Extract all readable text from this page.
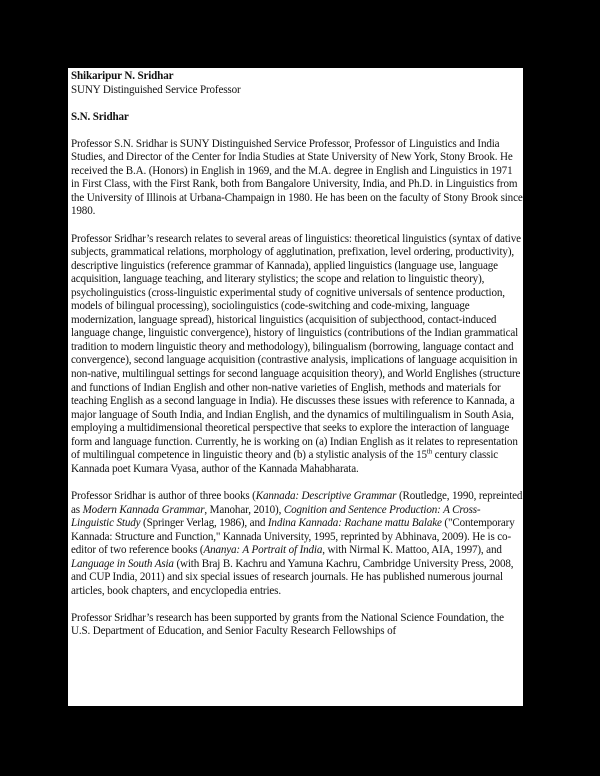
Shikaripur N. Sridhar

SUNY Distinguished Service Professor

S.N. Sridhar

Professor S.N. Sridhar is SUNY Distinguished Service Professor, Professor of Linguistics and India Studies, and Director of the Center for India Studies at State University of New York, Stony Brook. He received the B.A. (Honors) in English in 1969, and the M.A. degree in English and Linguistics in 1971 in First Class, with the First Rank, both from Bangalore University, India, and Ph.D. in Linguistics from the University of Illinois at Urbana-Champaign in 1980. He has been on the faculty of Stony Brook since 1980.

Professor Sridhar’s research relates to several areas of linguistics: theoretical linguistics (syntax of dative subjects, grammatical relations, morphology of agglutination, prefixation, level ordering, productivity), descriptive linguistics (reference grammar of Kannada), applied linguistics (language use, language acquisition, language teaching, and literary stylistics; the scope and relation to linguistic theory), psycholinguistics (cross-linguistic experimental study of cognitive universals of sentence production, models of bilingual processing), sociolinguistics (code-switching and code-mixing, language modernization, language spread), historical linguistics (acquisition of subjecthood, contact-induced language change, linguistic convergence), history of linguistics (contributions of the Indian grammatical tradition to modern linguistic theory and methodology), bilingualism (borrowing, language contact and convergence), second language acquisition (contrastive analysis, implications of language acquisition in non-native, multilingual settings for second language acquisition theory), and World Englishes (structure and functions of Indian English and other non-native varieties of English, methods and materials for teaching English as a second language in India). He discusses these issues with reference to Kannada, a major language of South India, and Indian English, and the dynamics of multilingualism in South Asia, employing a multidimensional theoretical perspective that seeks to explore the interaction of language form and language function. Currently, he is working on (a) Indian English as it relates to representation of multilingual competence in linguistic theory and (b) a stylistic analysis of the 15th century classic Kannada poet Kumara Vyasa, author of the Kannada Mahabharata.

Professor Sridhar is author of three books (Kannada: Descriptive Grammar (Routledge, 1990, repreinted as Modern Kannada Grammar, Manohar, 2010), Cognition and Sentence Production: A Cross-Linguistic Study (Springer Verlag, 1986), and Indina Kannada: Rachane mattu Balake ("Contemporary Kannada: Structure and Function," Kannada University, 1995, reprinted by Abhinava, 2009). He is co-editor of two reference books (Ananya: A Portrait of India, with Nirmal K. Mattoo, AIA, 1997), and Language in South Asia (with Braj B. Kachru and Yamuna Kachru, Cambridge University Press, 2008, and CUP India, 2011) and six special issues of research journals. He has published numerous journal articles, book chapters, and encyclopedia entries.

Professor Sridhar’s research has been supported by grants from the National Science Foundation, the U.S. Department of Education, and Senior Faculty Research Fellowships of
